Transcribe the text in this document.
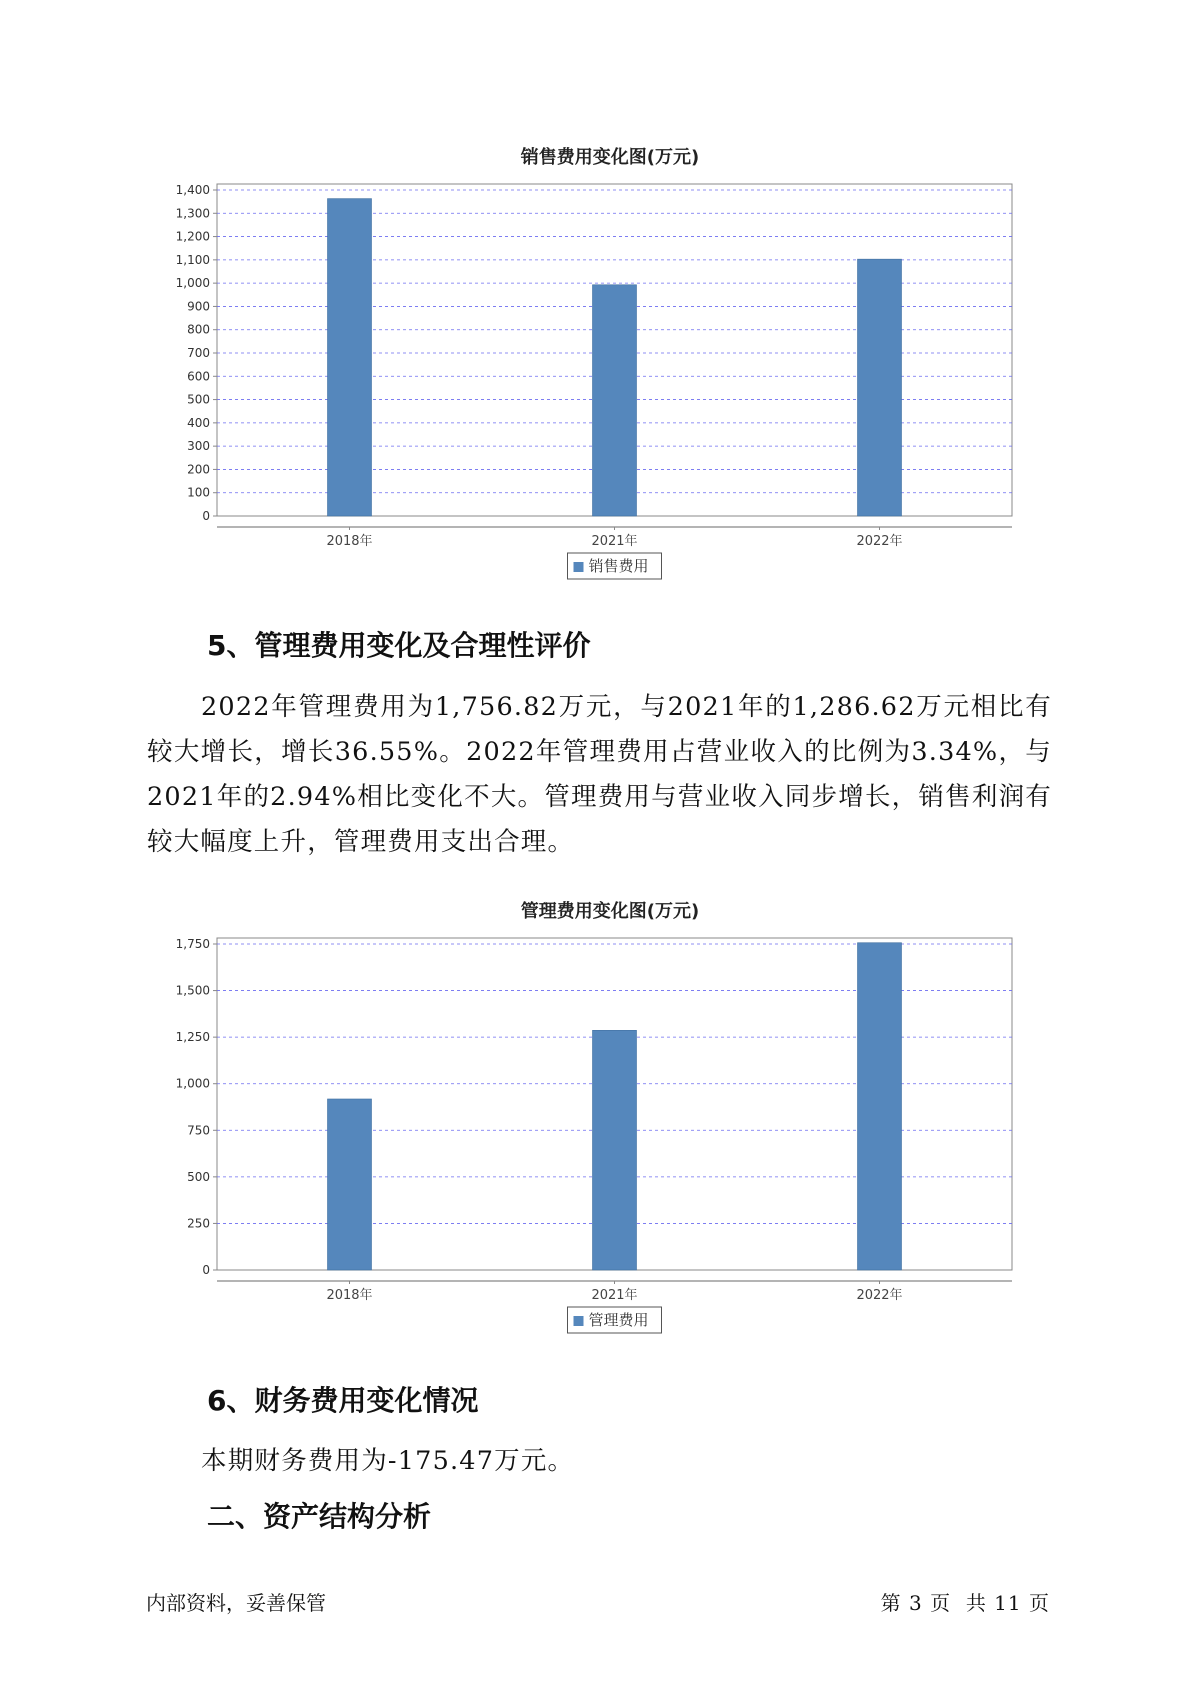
销售费用变化图(万元)
0
100
200
300
400
500
600
700
800
900
1,000
1,100
1,200
1,300
1,400
2018年	2021年	2022年
销售费用
5、管理费用变化及合理性评价

2022年管理费用为1,756.82万元，与2021年的1,286.62万元相比有较大增长，增长36.55%。2022年管理费用占营业收入的比例为3.34%，与2021年的2.94%相比变化不大。管理费用与营业收入同步增长，销售利润有较大幅度上升，管理费用支出合理。

管理费用变化图(万元)
0
250
500
750
1,000
1,250
1,500
1,750
2018年	2021年	2022年
管理费用
6、财务费用变化情况

本期财务费用为-175.47万元。

二、资产结构分析
内部资料，妥善保管	第 3 页  共 11 页
